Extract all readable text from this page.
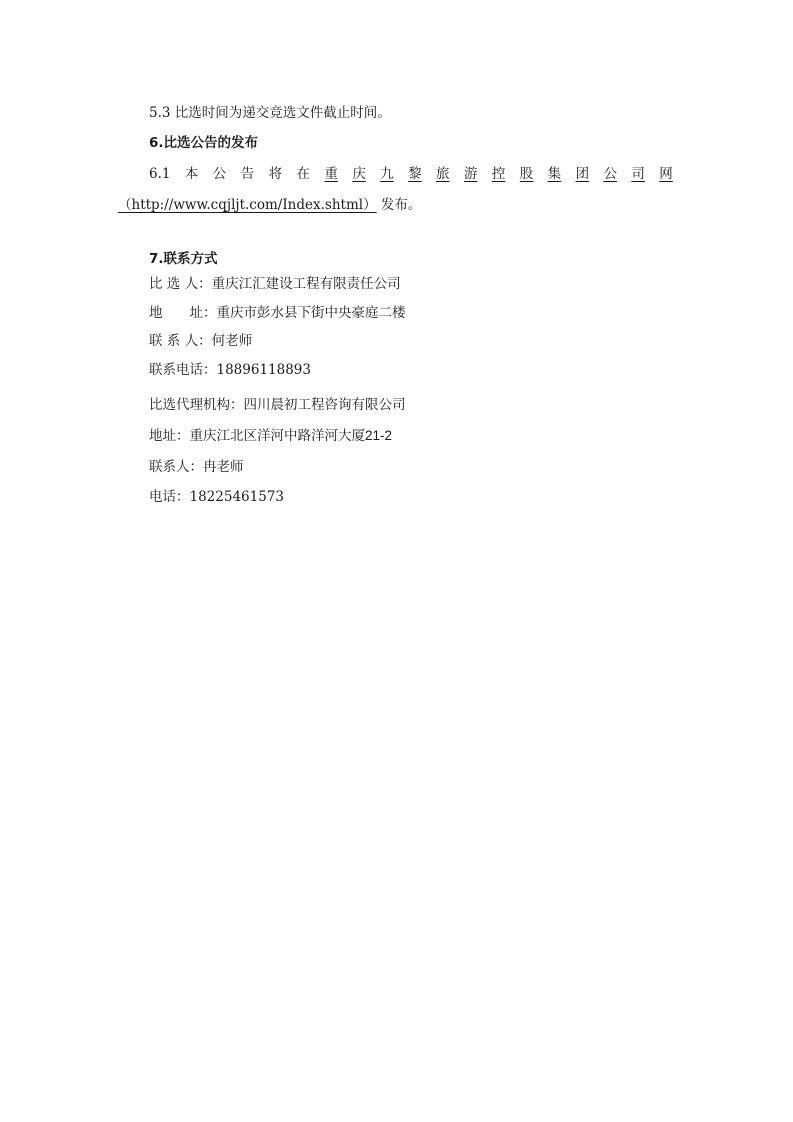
5.3 比选时间为递交竞选文件截止时间。
6.比选公告的发布
6.1 本 公 告 将 在 重 庆 九 黎 旅 游 控 股 集 团 公 司 网
（http://www.cqjljt.com/Index.shtml） 发布。
7.联系方式
比 选 人：重庆江汇建设工程有限责任公司
地　　址：重庆市彭水县下街中央豪庭二楼
联 系 人：何老师
联系电话：18896118893
比选代理机构：四川晨初工程咨询有限公司
地址：重庆江北区洋河中路洋河大厦21-2
联系人：冉老师
电话：18225461573
